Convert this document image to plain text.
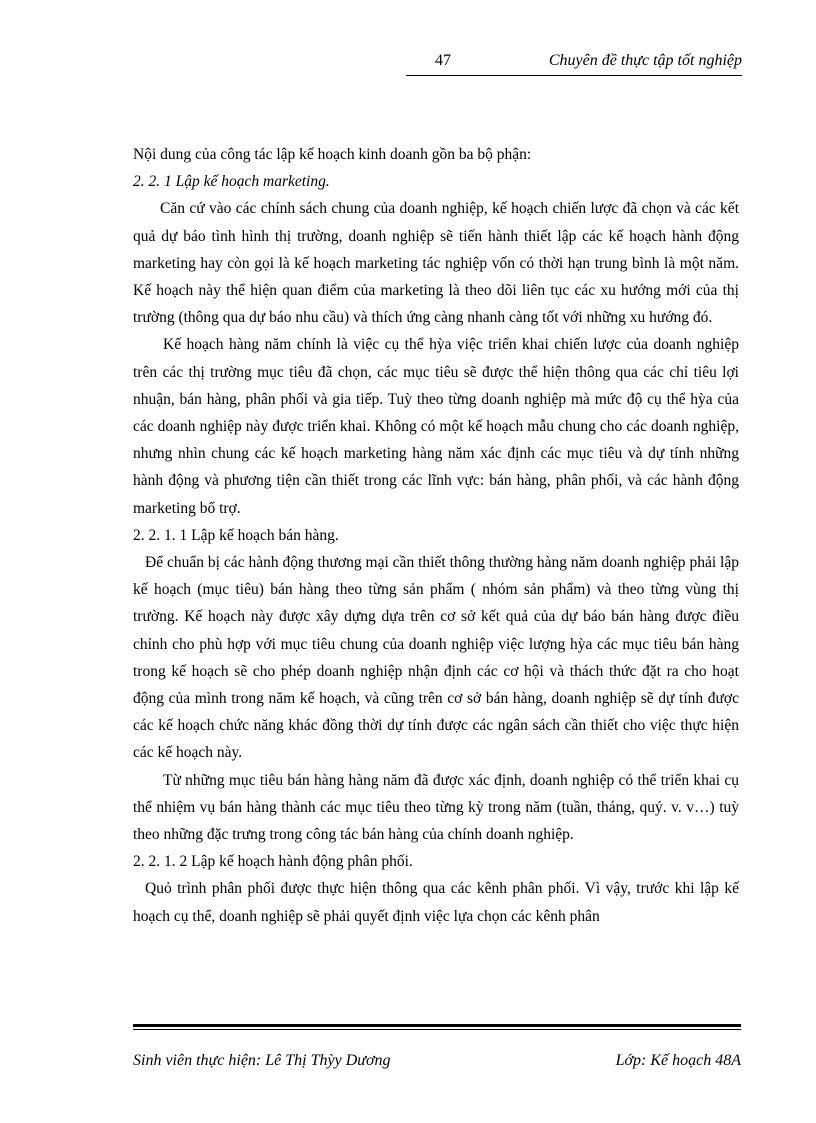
47	Chuyên đề thực tập tốt nghiệp

Nội dung của công tác lập kế hoạch kinh doanh gồn ba bộ phận:

2. 2. 1 Lập kế hoạch marketing.

Căn cứ vào các chính sách chung của doanh nghiệp, kế hoạch chiến lược đã chọn và các kết quả dự báo tình hình thị trường, doanh nghiệp sẽ tiến hành thiết lập các kế hoạch hành động marketing hay còn gọi là kế hoạch marketing tác nghiệp vốn có thời hạn trung bình là một năm. Kế hoạch này thể hiện quan điểm của marketing là theo dõi liên tục các xu hướng mới của thị trường (thông qua dự báo nhu cầu) và thích ứng càng nhanh càng tốt với những xu hướng đó.

Kế hoạch hàng năm chính là việc cụ thể hỳa việc triển khai chiến lược của doanh nghiệp trên các thị trường mục tiêu đã chọn, các mục tiêu sẽ được thể hiện thông qua các chỉ tiêu lợi nhuận, bán hàng, phân phối và gia tiếp. Tuỳ theo từng doanh nghiệp mà mức độ cụ thể hỳa của các doanh nghiệp này được triển khai. Không có một kế hoạch mẫu chung cho các doanh nghiệp, nhưng nhìn chung các kế hoạch marketing hàng năm xác định các mục tiêu và dự tính những hành động và phương tiện cần thiết trong các lĩnh vực: bán hàng, phân phối, và các hành động marketing bổ trợ.

2. 2. 1. 1 Lập kế hoạch bán hàng.

Để chuẩn bị các hành động thương mại cần thiết thông thường hàng năm doanh nghiệp phải lập kế hoạch (mục tiêu) bán hàng theo từng sản phẩm ( nhóm sản phẩm) và theo từng vùng thị trường. Kế hoạch này được xây dựng dựa trên cơ sở kết quả của dự báo bán hàng được điều chỉnh cho phù hợp với mục tiêu chung của doanh nghiệp việc lượng hỳa các mục tiêu bán hàng trong kế hoạch sẽ cho phép doanh nghiệp nhận định các cơ hội và thách thức đặt ra cho hoạt động của mình trong năm kế hoạch, và cũng trên cơ sở bán hàng, doanh nghiệp sẽ dự tính được các kế hoạch chức năng khác đồng thời dự tính được các ngân sách cần thiết cho việc thực hiện các kế hoạch này.

Từ những mục tiêu bán hàng hàng năm đã được xác định, doanh nghiệp có thể triển khai cụ thể nhiệm vụ bán hàng thành các mục tiêu theo từng kỳ trong năm (tuần, tháng, quý. v. v…) tuỳ theo những đặc trưng trong công tác bán hàng của chính doanh nghiệp.

2. 2. 1. 2 Lập kế hoạch hành động phân phối.

Quỏ trình phân phối được thực hiện thông qua các kênh phân phối. Vì vậy, trước khi lập kế hoạch cụ thể, doanh nghiệp sẽ phải quyết định việc lựa chọn các kênh phân

Sinh viên thực hiện: Lê Thị Thỳy Dương	Lớp: Kế hoạch 48A
